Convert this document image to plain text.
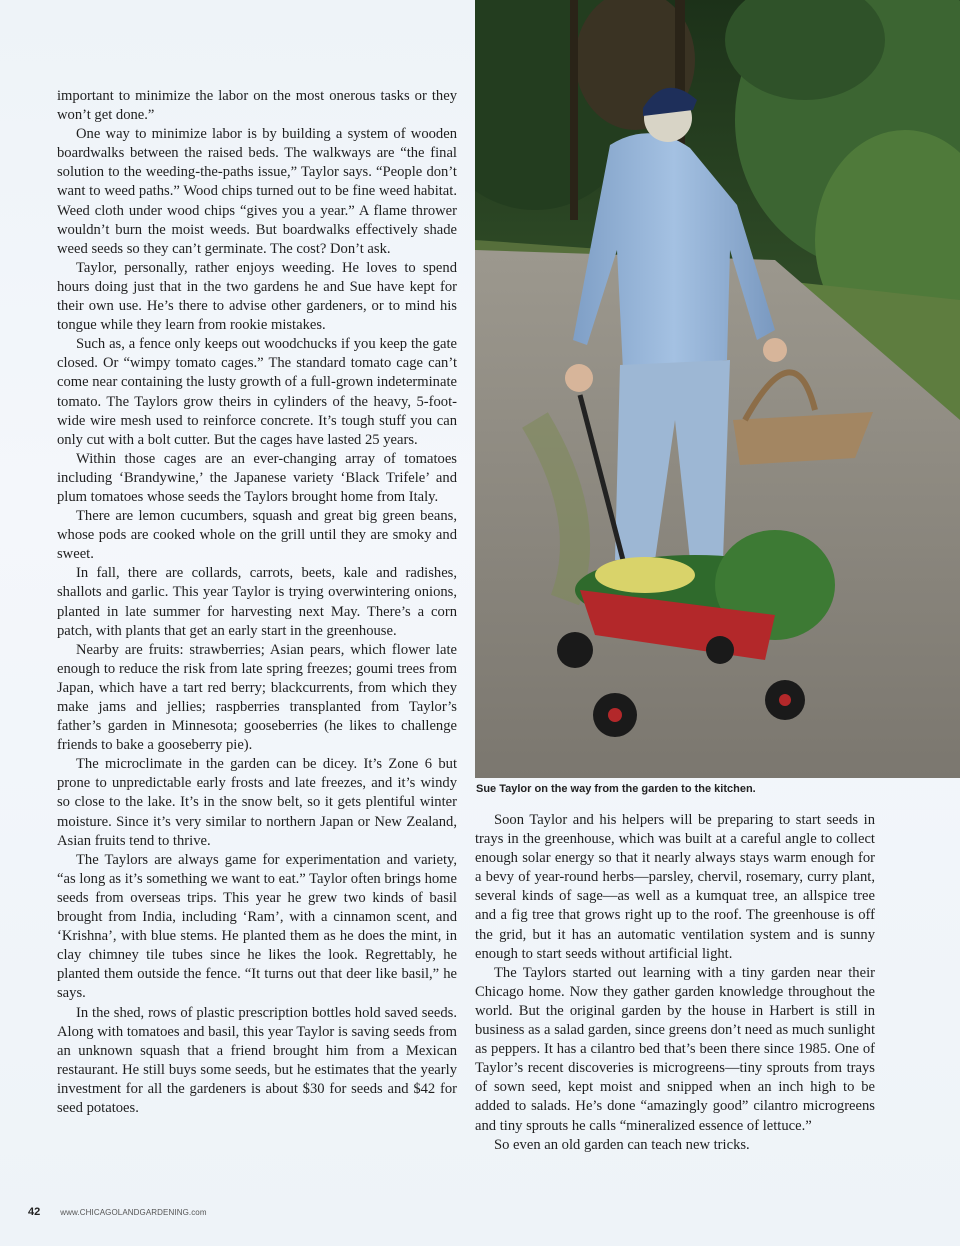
important to minimize the labor on the most onerous tasks or they won’t get done.”

One way to minimize labor is by building a system of wooden boardwalks between the raised beds. The walkways are “the final solution to the weeding-the-paths issue,” Taylor says. “People don’t want to weed paths.” Wood chips turned out to be fine weed habitat. Weed cloth under wood chips “gives you a year.” A flame thrower wouldn’t burn the moist weeds. But boardwalks effectively shade weed seeds so they can’t germinate. The cost? Don’t ask.

Taylor, personally, rather enjoys weeding. He loves to spend hours doing just that in the two gardens he and Sue have kept for their own use. He’s there to advise other gardeners, or to mind his tongue while they learn from rookie mistakes.

Such as, a fence only keeps out woodchucks if you keep the gate closed. Or “wimpy tomato cages.” The standard tomato cage can’t come near containing the lusty growth of a full-grown indeterminate tomato. The Taylors grow theirs in cylinders of the heavy, 5-foot-wide wire mesh used to reinforce concrete. It’s tough stuff you can only cut with a bolt cutter. But the cages have lasted 25 years.

Within those cages are an ever-changing array of tomatoes including ‘Brandywine,’ the Japanese variety ‘Black Trifele’ and plum tomatoes whose seeds the Taylors brought home from Italy.

There are lemon cucumbers, squash and great big green beans, whose pods are cooked whole on the grill until they are smoky and sweet.

In fall, there are collards, carrots, beets, kale and radishes, shallots and garlic. This year Taylor is trying overwintering onions, planted in late summer for harvesting next May. There’s a corn patch, with plants that get an early start in the greenhouse.

Nearby are fruits: strawberries; Asian pears, which flower late enough to reduce the risk from late spring freezes; goumi trees from Japan, which have a tart red berry; blackcurrents, from which they make jams and jellies; raspberries transplanted from Taylor’s father’s garden in Minnesota; gooseberries (he likes to challenge friends to bake a gooseberry pie).

The microclimate in the garden can be dicey. It’s Zone 6 but prone to unpredictable early frosts and late freezes, and it’s windy so close to the lake. It’s in the snow belt, so it gets plentiful winter moisture. Since it’s very similar to northern Japan or New Zealand, Asian fruits tend to thrive.

The Taylors are always game for experimentation and variety, “as long as it’s something we want to eat.” Taylor often brings home seeds from overseas trips. This year he grew two kinds of basil brought from India, including ‘Ram’, with a cinnamon scent, and ‘Krishna’, with blue stems. He planted them as he does the mint, in clay chimney tile tubes since he likes the look. Regrettably, he planted them outside the fence. “It turns out that deer like basil,” he says.

In the shed, rows of plastic prescription bottles hold saved seeds. Along with tomatoes and basil, this year Taylor is saving seeds from an unknown squash that a friend brought him from a Mexican restaurant. He still buys some seeds, but he estimates that the yearly investment for all the gardeners is about $30 for seeds and $42 for seed potatoes.

Sue Taylor on the way from the garden to the kitchen.

Soon Taylor and his helpers will be preparing to start seeds in trays in the greenhouse, which was built at a careful angle to collect enough solar energy so that it nearly always stays warm enough for a bevy of year-round herbs—parsley, chervil, rosemary, curry plant, several kinds of sage—as well as a kumquat tree, an allspice tree and a fig tree that grows right up to the roof. The greenhouse is off the grid, but it has an automatic ventilation system and is sunny enough to start seeds without artificial light.

The Taylors started out learning with a tiny garden near their Chicago home. Now they gather garden knowledge throughout the world. But the original garden by the house in Harbert is still in business as a salad garden, since greens don’t need as much sunlight as peppers. It has a cilantro bed that’s been there since 1985. One of Taylor’s recent discoveries is microgreens—tiny sprouts from trays of sown seed, kept moist and snipped when an inch high to be added to salads. He’s done “amazingly good” cilantro microgreens and tiny sprouts he calls “mineralized essence of lettuce.”

So even an old garden can teach new tricks.

42	www.CHICAGOLANDGARDENING.com
